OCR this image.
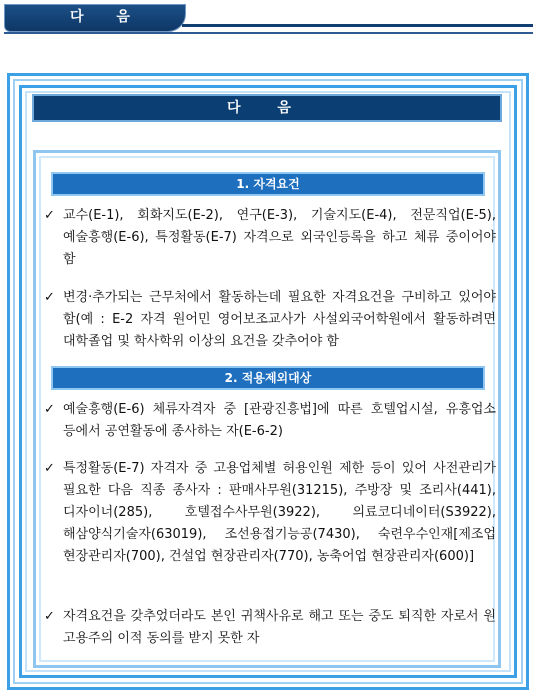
다 음
다 음
1. 자격요건
✓ 교수(E-1), 회화지도(E-2), 연구(E-3), 기술지도(E-4), 전문직업(E-5), 예술흥행(E-6), 특정활동(E-7) 자격으로 외국인등록을 하고 체류 중이어야 함
✓ 변경·추가되는 근무처에서 활동하는데 필요한 자격요건을 구비하고 있어야 함(예 : E-2 자격 원어민 영어보조교사가 사설외국어학원에서 활동하려면 대학졸업 및 학사학위 이상의 요건을 갖추어야 함
2. 적용제외대상
✓ 예술흥행(E-6) 체류자격자 중 [관광진흥법]에 따른 호텔업시설, 유흥업소 등에서 공연활동에 종사하는 자(E-6-2)
✓ 특정활동(E-7) 자격자 중 고용업체별 허용인원 제한 등이 있어 사전관리가 필요한 다음 직종 종사자 : 판매사무원(31215), 주방장 및 조리사(441), 디자이너(285), 호텔접수사무원(3922), 의료코디네이터(S3922), 해삼양식기술자(63019), 조선용접기능공(7430), 숙련우수인재[제조업 현장관리자(700), 건설업 현장관리자(770), 농축어업 현장관리자(600)]
✓ 자격요건을 갖추었더라도 본인 귀책사유로 해고 또는 중도 퇴직한 자로서 원 고용주의 이적 동의를 받지 못한 자
